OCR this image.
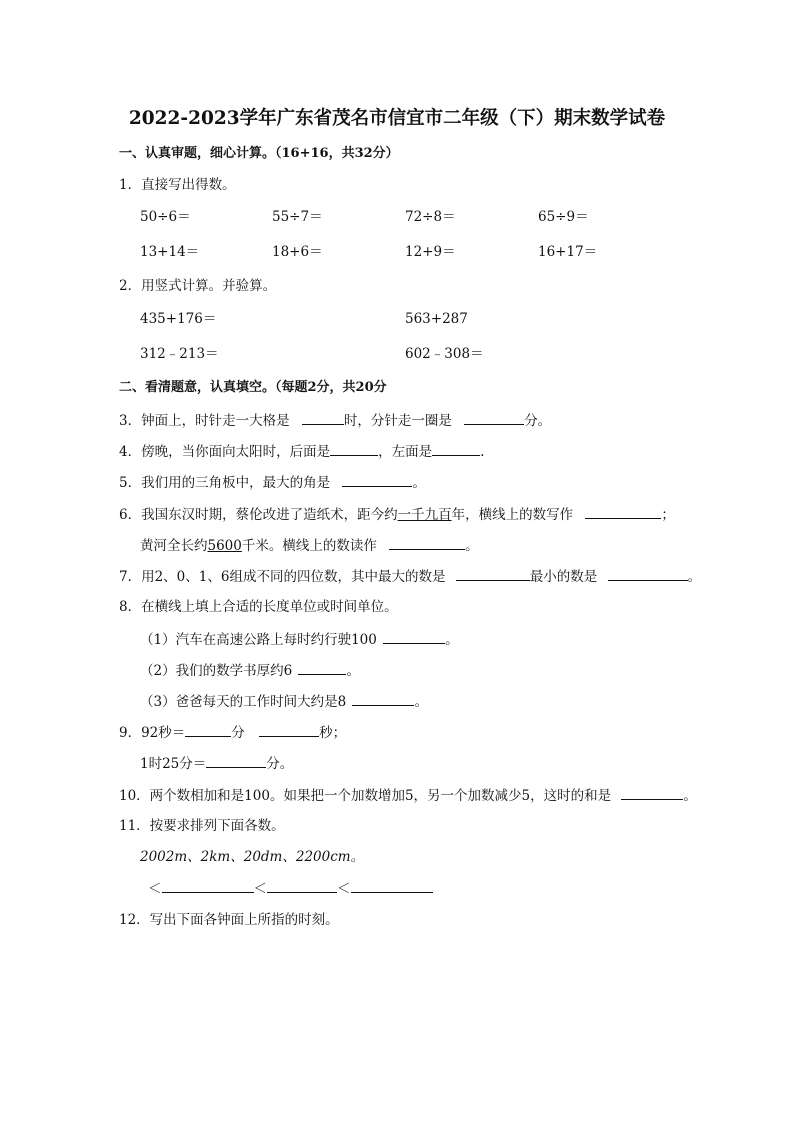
2022-2023学年广东省茂名市信宜市二年级（下）期末数学试卷
一、认真审题，细心计算。（16+16，共32分）
1．直接写出得数。
50÷6＝	55÷7＝	72÷8＝	65÷9＝
13+14＝	18+6＝	12+9＝	16+17＝
2．用竖式计算。并验算。
435+176＝	563+287
312﹣213＝	602﹣308＝
二、看清题意，认真填空。（每题2分，共20分
3．钟面上，时针走一大格是	时，分针走一圈是	分。
4．傍晚，当你面向太阳时，后面是	，左面是	.
5．我们用的三角板中，最大的角是	。
6．我国东汉时期，蔡伦改进了造纸术，距今约一千九百年，横线上的数写作	；
黄河全长约5600千米。横线上的数读作	。
7．用2、0、1、6组成不同的四位数，其中最大的数是	最小的数是	。
8．在横线上填上合适的长度单位或时间单位。
（1）汽车在高速公路上每时约行驶100	。
（2）我们的数学书厚约6	。
（3）爸爸每天的工作时间大约是8	。
9．92秒＝	分	秒；
1时25分＝	分。
10．两个数相加和是100。如果把一个加数增加5，另一个加数减少5，这时的和是	。
11．按要求排列下面各数。
2002m、2km、20dm、2200cm。
＜	＜	＜
12．写出下面各钟面上所指的时刻。
